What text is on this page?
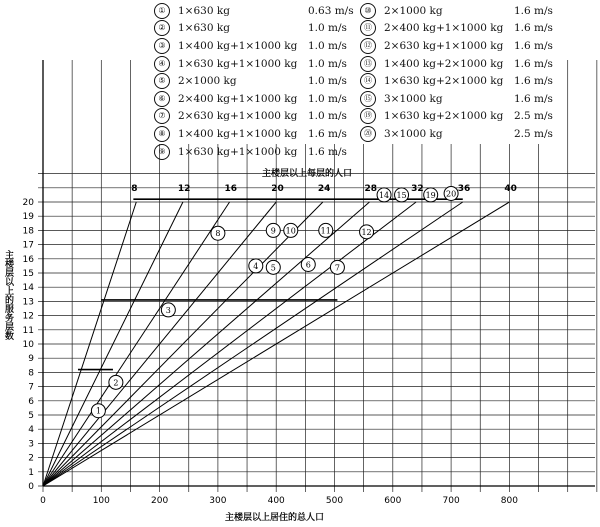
8	12	16	20	24	28	32	36	40
1
2
3
4 5	6	7
8	9 10	11	12
14 15 19 20
0	100	200	300	400	500	600	700	800
0
1
2
3
4
5
6
7
8
9
10
11
12
13
14
15
16
17
18
19
20
①	1×630 kg	0.63 m/s
②	1×630 kg	1.0 m/s
③	1×400 kg+1×1000 kg	1.0 m/s
④	1×630 kg+1×1000 kg	1.0 m/s
⑤	2×1000 kg	1.0 m/s
⑥	2×400 kg+1×1000 kg	1.0 m/s
⑦	2×630 kg+1×1000 kg	1.0 m/s
⑧	1×400 kg+1×1000 kg	1.6 m/s
⑨	1×630 kg+1×1000 kg	1.6 m/s
⑩	2×1000 kg	1.6 m/s
⑪	2×400 kg+1×1000 kg	1.6 m/s
⑫	2×630 kg+1×1000 kg	1.6 m/s
⑬	1×400 kg+2×1000 kg	1.6 m/s
⑭	1×630 kg+2×1000 kg	1.6 m/s
⑮	3×1000 kg	1.6 m/s
⑲	1×630 kg+2×1000 kg	2.5 m/s
⑳	3×1000 kg	2.5 m/s
主楼层以上每层的人口
主楼层以上的服务层数
主楼层以上居住的总人口
